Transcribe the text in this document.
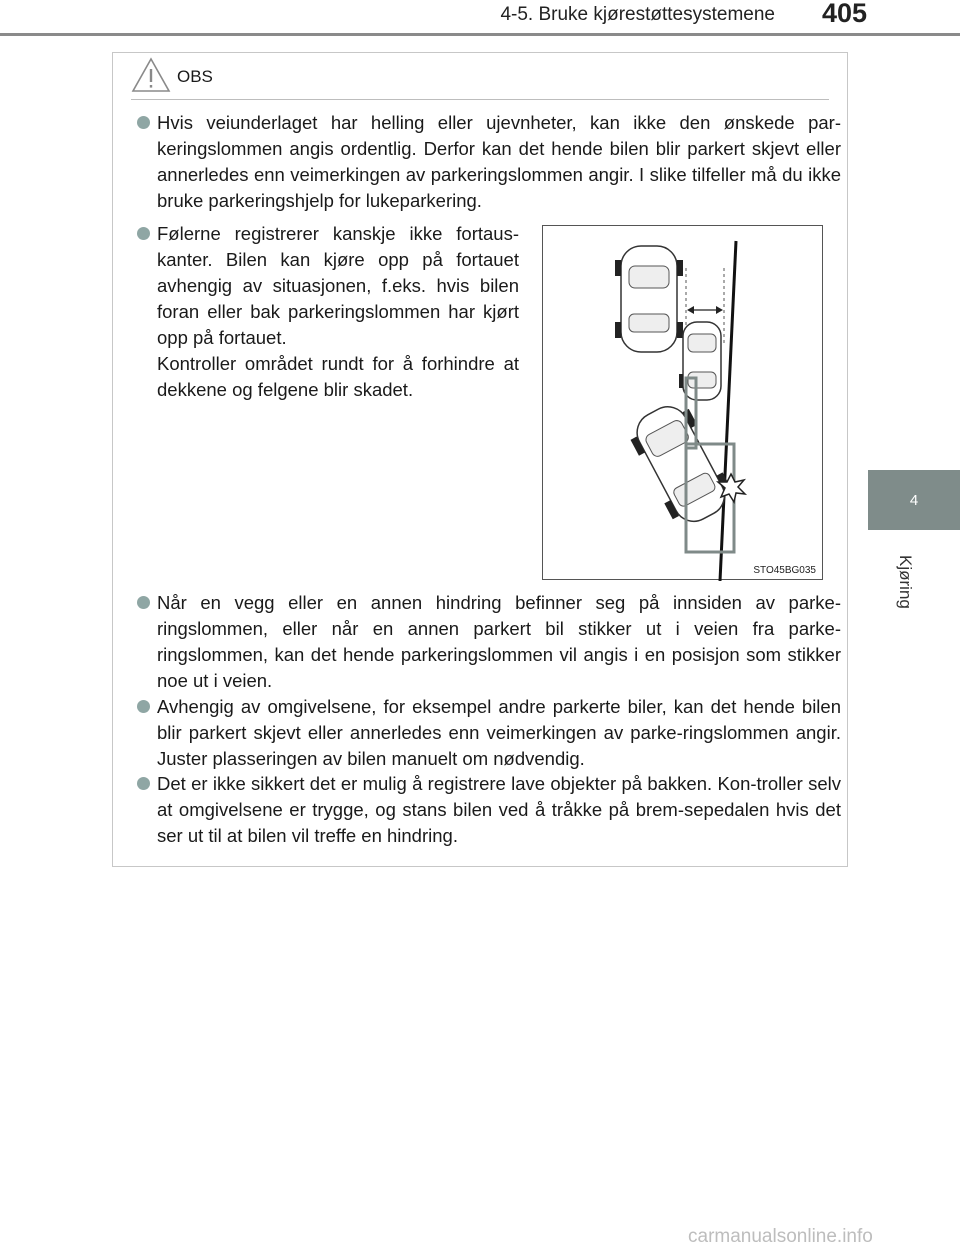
4-5. Bruke kjørestøttesystemene 405
4
Kjøring
OBS

Hvis veiunderlaget har helling eller ujevnheter, kan ikke den ønskede par-keringslommen angis ordentlig. Derfor kan det hende bilen blir parkert skjevt eller annerledes enn veimerkingen av parkeringslommen angir. I slike tilfeller må du ikke bruke parkeringshjelp for lukeparkering.

Følerne registrerer kanskje ikke fortaus-kanter. Bilen kan kjøre opp på fortauet avhengig av situasjonen, f.eks. hvis bilen foran eller bak parkeringslommen har kjørt opp på fortauet.
Kontroller området rundt for å forhindre at dekkene og felgene blir skadet.
STO45BG035

Når en vegg eller en annen hindring befinner seg på innsiden av parke-ringslommen, eller når en annen parkert bil stikker ut i veien fra parke-ringslommen, kan det hende parkeringslommen vil angis i en posisjon som stikker noe ut i veien.

Avhengig av omgivelsene, for eksempel andre parkerte biler, kan det hende bilen blir parkert skjevt eller annerledes enn veimerkingen av parke-ringslommen angir. Juster plasseringen av bilen manuelt om nødvendig.

Det er ikke sikkert det er mulig å registrere lave objekter på bakken. Kon-troller selv at omgivelsene er trygge, og stans bilen ved å tråkke på brem-sepedalen hvis det ser ut til at bilen vil treffe en hindring.

carmanualsonline.info
